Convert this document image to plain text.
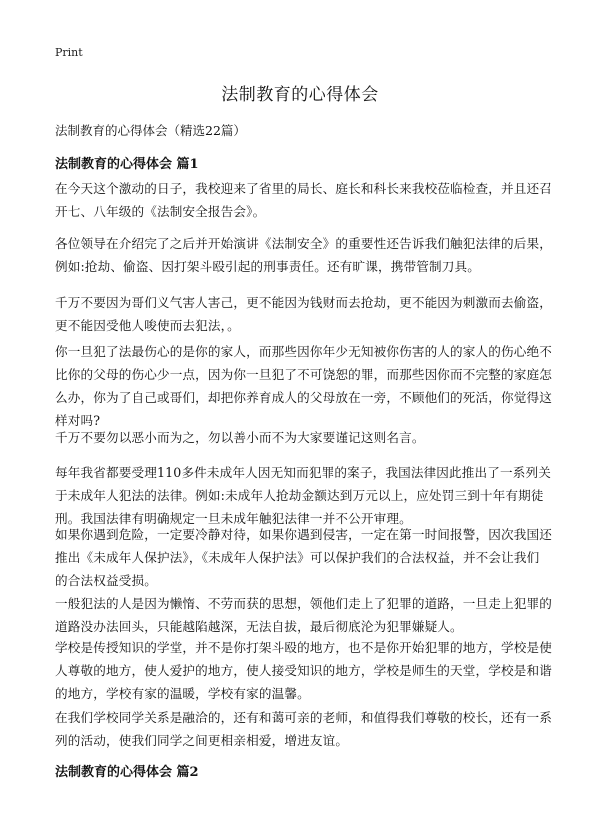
Print
法制教育的心得体会

法制教育的心得体会（精选22篇）

法制教育的心得体会 篇1

在今天这个激动的日子，我校迎来了省里的局长、庭长和科长来我校莅临检查，并且还召开七、八年级的《法制安全报告会》。

各位领导在介绍完了之后并开始演讲《法制安全》的重要性还告诉我们触犯法律的后果，例如:抢劫、偷盗、因打架斗殴引起的刑事责任。还有旷课，携带管制刀具。

千万不要因为哥们义气害人害己，更不能因为钱财而去抢劫，更不能因为刺激而去偷盗，更不能因受他人唆使而去犯法，。

你一旦犯了法最伤心的是你的家人，而那些因你年少无知被你伤害的人的家人的伤心绝不比你的父母的伤心少一点，因为你一旦犯了不可饶恕的罪，而那些因你而不完整的家庭怎么办，你为了自己或哥们，却把你养育成人的父母放在一旁，不顾他们的死活，你觉得这样对吗?

千万不要勿以恶小而为之，勿以善小而不为大家要谨记这则名言。

每年我省都要受理110多件未成年人因无知而犯罪的案子，我国法律因此推出了一系列关于未成年人犯法的法律。例如:未成年人抢劫金额达到万元以上，应处罚三到十年有期徒刑。我国法律有明确规定一旦未成年触犯法律一并不公开审理。

如果你遇到危险，一定要冷静对待，如果你遇到侵害，一定在第一时间报警，因次我国还推出《未成年人保护法》，《未成年人保护法》可以保护我们的合法权益，并不会让我们的合法权益受损。

一般犯法的人是因为懒惰、不劳而获的思想，领他们走上了犯罪的道路，一旦走上犯罪的道路没办法回头，只能越陷越深，无法自拔，最后彻底沦为犯罪嫌疑人。

学校是传授知识的学堂，并不是你打架斗殴的地方，也不是你开始犯罪的地方，学校是使人尊敬的地方，使人爱护的地方，使人接受知识的地方，学校是师生的天堂，学校是和谐的地方，学校有家的温暖，学校有家的温馨。

在我们学校同学关系是融洽的，还有和蔼可亲的老师，和值得我们尊敬的校长，还有一系列的活动，使我们同学之间更相亲相爱，增进友谊。

法制教育的心得体会 篇2
